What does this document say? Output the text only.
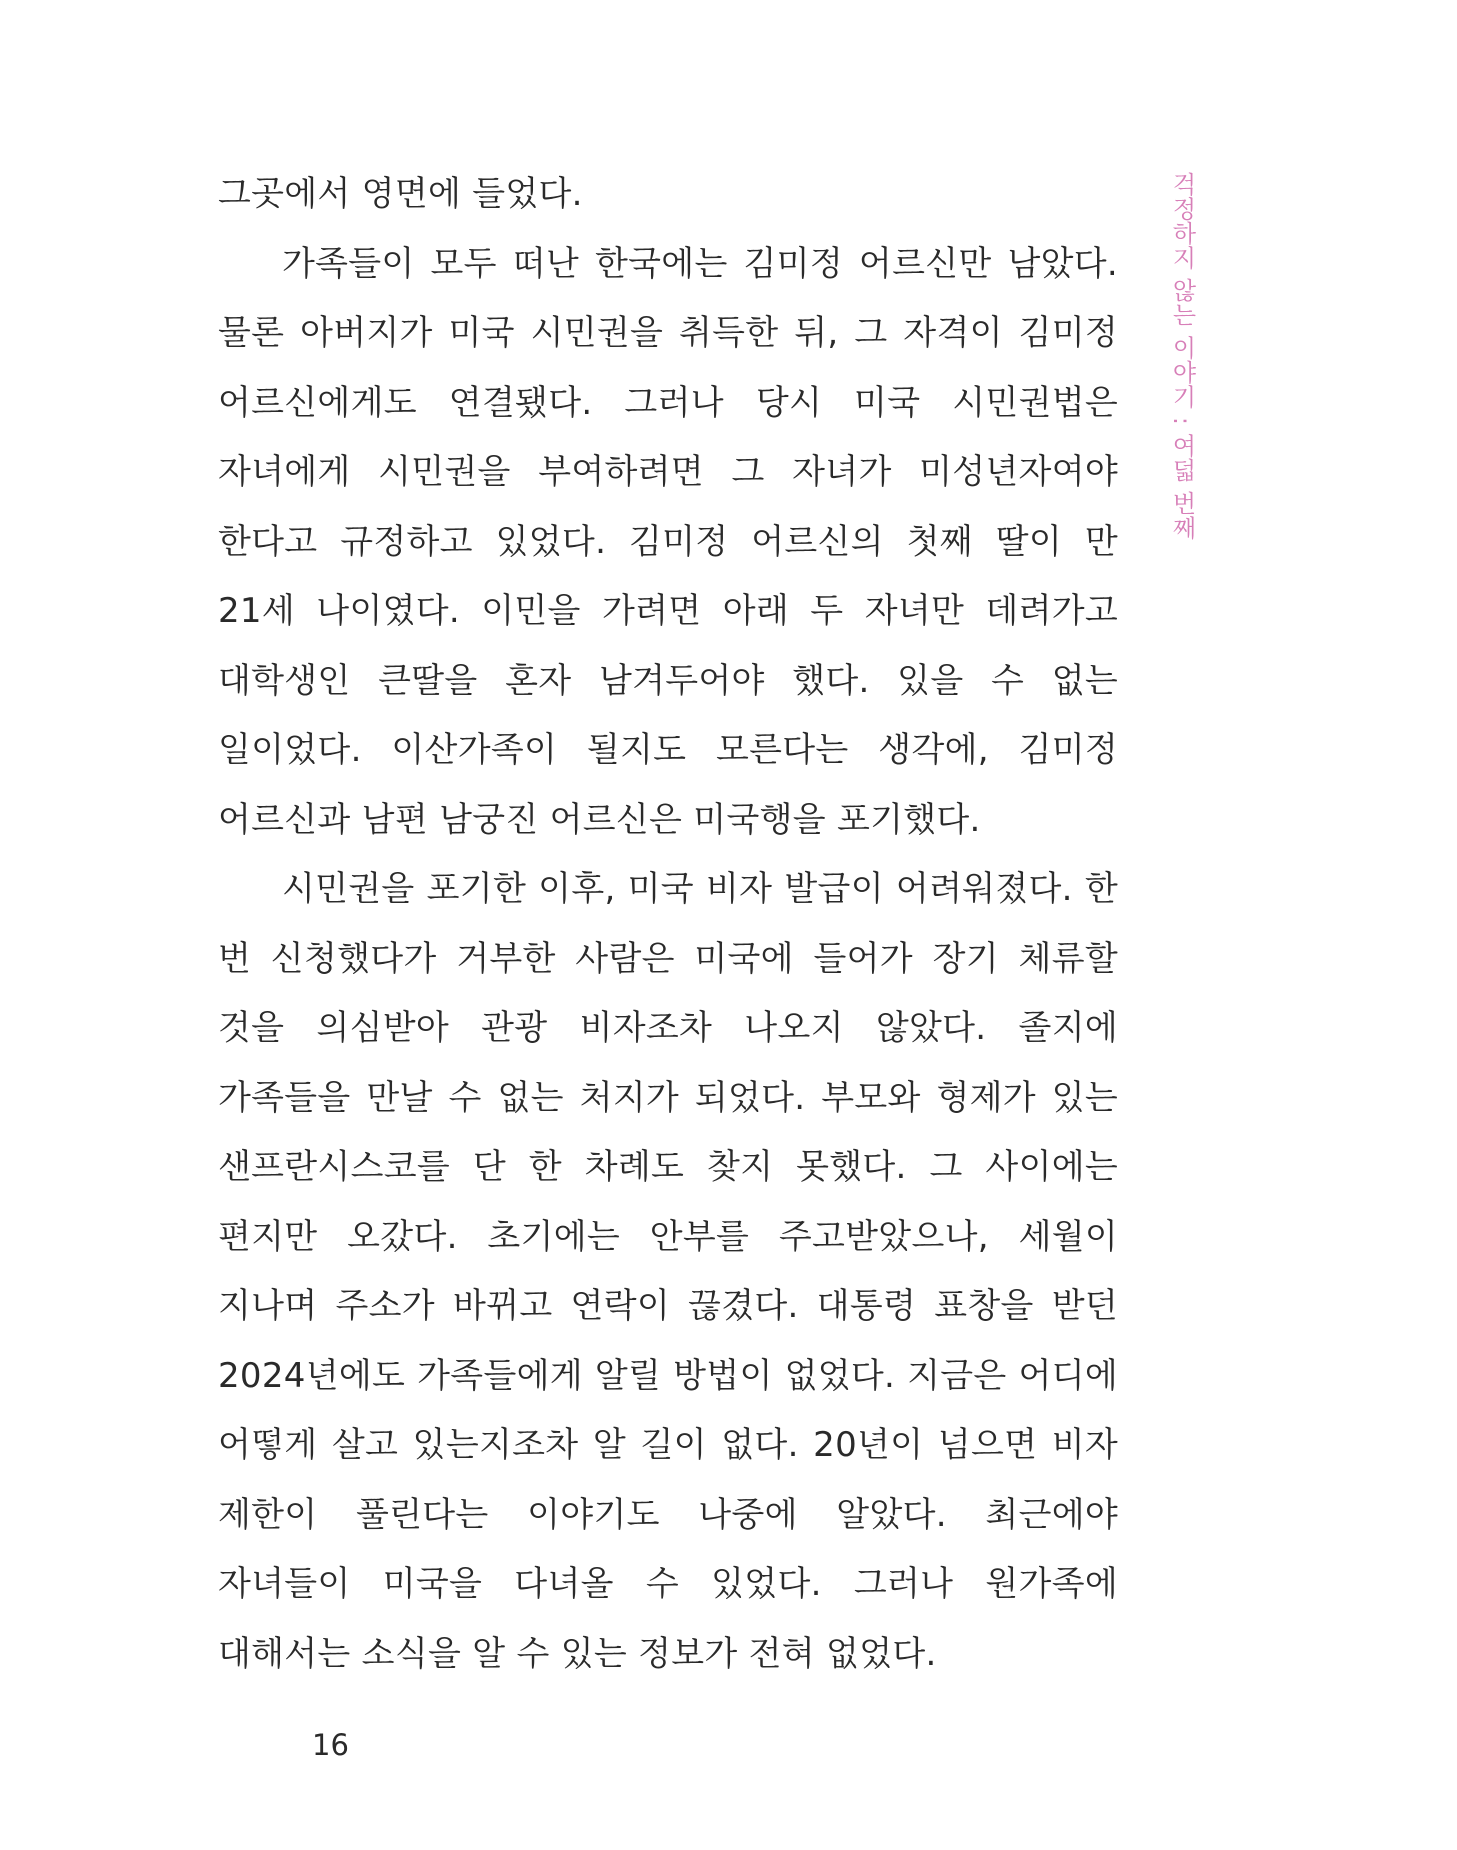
그곳에서 영면에 들었다.

가족들이 모두 떠난 한국에는 김미정 어르신만 남았다. 물론 아버지가 미국 시민권을 취득한 뒤, 그 자격이 김미정 어르신에게도 연결됐다. 그러나 당시 미국 시민권법은 자녀에게 시민권을 부여하려면 그 자녀가 미성년자여야 한다고 규정하고 있었다. 김미정 어르신의 첫째 딸이 만 21세 나이였다. 이민을 가려면 아래 두 자녀만 데려가고 대학생인 큰딸을 혼자 남겨두어야 했다. 있을 수 없는 일이었다. 이산가족이 될지도 모른다는 생각에, 김미정 어르신과 남편 남궁진 어르신은 미국행을 포기했다.

시민권을 포기한 이후, 미국 비자 발급이 어려워졌다. 한 번 신청했다가 거부한 사람은 미국에 들어가 장기 체류할 것을 의심받아 관광 비자조차 나오지 않았다. 졸지에 가족들을 만날 수 없는 처지가 되었다. 부모와 형제가 있는 샌프란시스코를 단 한 차례도 찾지 못했다. 그 사이에는 편지만 오갔다. 초기에는 안부를 주고받았으나, 세월이 지나며 주소가 바뀌고 연락이 끊겼다. 대통령 표창을 받던 2024년에도 가족들에게 알릴 방법이 없었다. 지금은 어디에 어떻게 살고 있는지조차 알 길이 없다. 20년이 넘으면 비자 제한이 풀린다는 이야기도 나중에 알았다. 최근에야 자녀들이 미국을 다녀올 수 있었다. 그러나 원가족에 대해서는 소식을 알 수 있는 정보가 전혀 없었다.

걱정하지 않는 이야기 : 여덟 번째
16
